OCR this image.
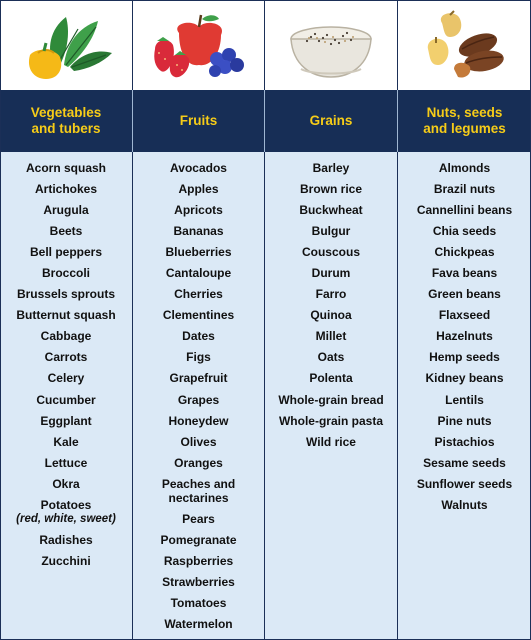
Vegetables
and tubers
Fruits	Grains
Nuts, seeds
and legumes
Acorn squash
Artichokes
Arugula
Beets
Bell peppers
Broccoli
Brussels sprouts
Butternut squash
Cabbage
Carrots
Celery
Cucumber
Eggplant
Kale
Lettuce
Okra
Potatoes
(red, white, sweet)
Radishes
Zucchini
Avocados
Apples
Apricots
Bananas
Blueberries
Cantaloupe
Cherries
Clementines
Dates
Figs
Grapefruit
Grapes
Honeydew
Olives
Oranges
Peaches and
nectarines
Pears
Pomegranate
Raspberries
Strawberries
Tomatoes
Watermelon
Barley
Brown rice
Buckwheat
Bulgur
Couscous
Durum
Farro
Quinoa
Millet
Oats
Polenta
Whole-grain bread
Whole-grain pasta
Wild rice
Almonds
Brazil nuts
Cannellini beans
Chia seeds
Chickpeas
Fava beans
Green beans
Flaxseed
Hazelnuts
Hemp seeds
Kidney beans
Lentils
Pine nuts
Pistachios
Sesame seeds
Sunflower seeds
Walnuts
